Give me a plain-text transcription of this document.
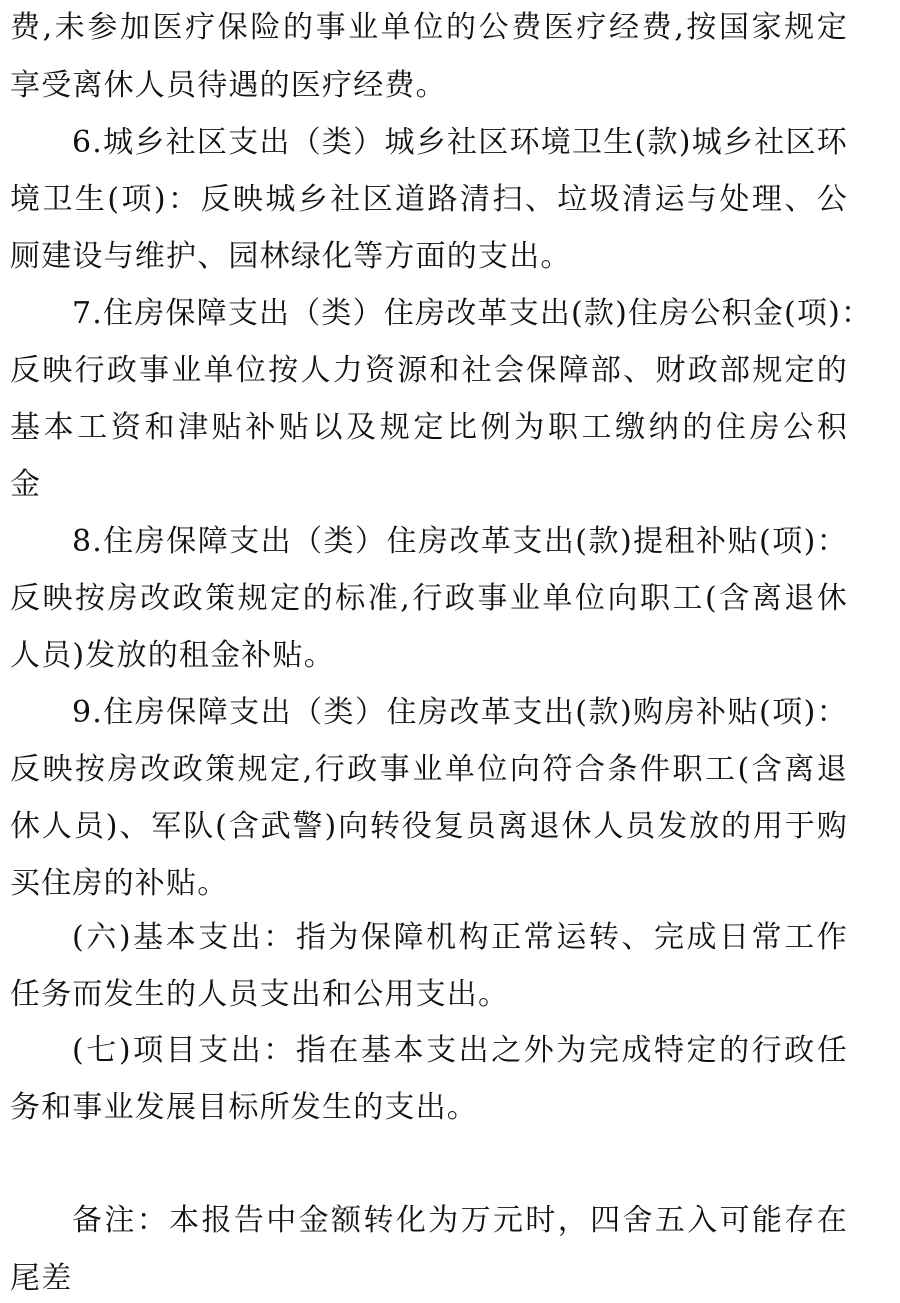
费,未参加医疗保险的事业单位的公费医疗经费,按国家规定
享受离休人员待遇的医疗经费。
6.城乡社区支出（类）城乡社区环境卫生(款)城乡社区环
境卫生(项)：反映城乡社区道路清扫、垃圾清运与处理、公
厕建设与维护、园林绿化等方面的支出。
7.住房保障支出（类）住房改革支出(款)住房公积金(项)：
反映行政事业单位按人力资源和社会保障部、财政部规定的
基本工资和津贴补贴以及规定比例为职工缴纳的住房公积
金
8.住房保障支出（类）住房改革支出(款)提租补贴(项)：
反映按房改政策规定的标准,行政事业单位向职工(含离退休
人员)发放的租金补贴。
9.住房保障支出（类）住房改革支出(款)购房补贴(项)：
反映按房改政策规定,行政事业单位向符合条件职工(含离退
休人员)、军队(含武警)向转役复员离退休人员发放的用于购
买住房的补贴。
(六)基本支出：指为保障机构正常运转、完成日常工作
任务而发生的人员支出和公用支出。
(七)项目支出：指在基本支出之外为完成特定的行政任
务和事业发展目标所发生的支出。
备注：本报告中金额转化为万元时，四舍五入可能存在
尾差
